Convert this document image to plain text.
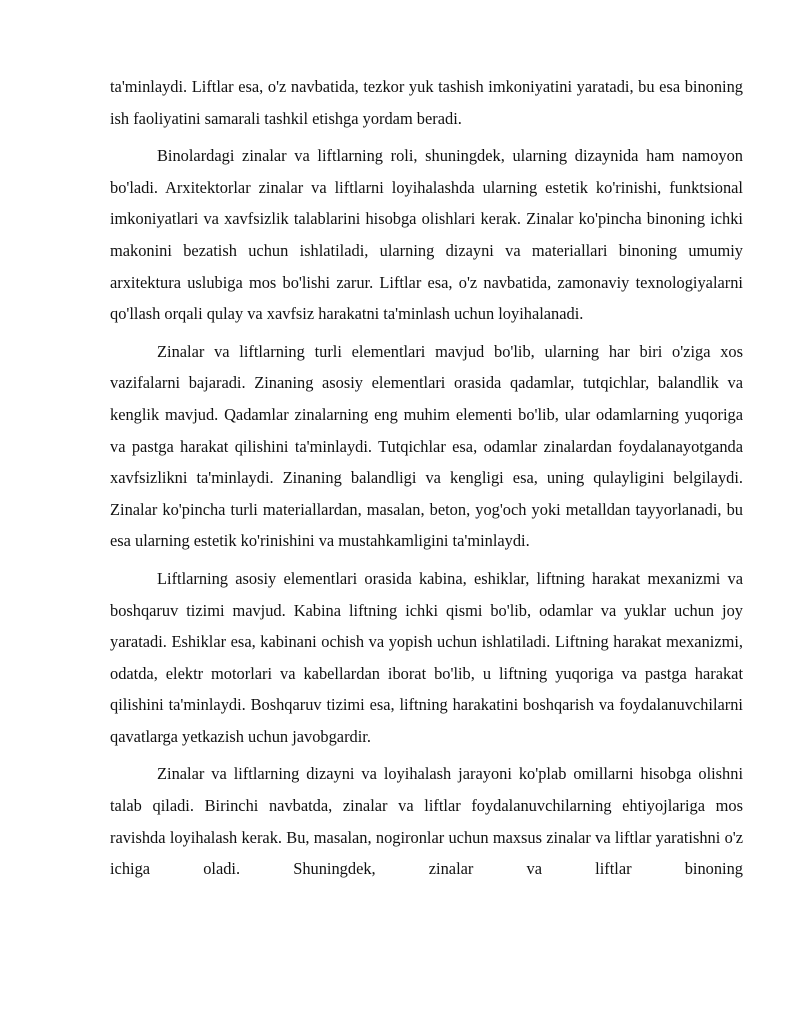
ta'minlaydi. Liftlar esa, o'z navbatida, tezkor yuk tashish imkoniyatini yaratadi, bu esa binoning ish faoliyatini samarali tashkil etishga yordam beradi.

Binolardagi zinalar va liftlarning roli, shuningdek, ularning dizaynida ham namoyon bo'ladi. Arxitektorlar zinalar va liftlarni loyihalashda ularning estetik ko'rinishi, funktsional imkoniyatlari va xavfsizlik talablarini hisobga olishlari kerak. Zinalar ko'pincha binoning ichki makonini bezatish uchun ishlatiladi, ularning dizayni va materiallari binoning umumiy arxitektura uslubiga mos bo'lishi zarur. Liftlar esa, o'z navbatida, zamonaviy texnologiyalarni qo'llash orqali qulay va xavfsiz harakatni ta'minlash uchun loyihalanadi.

Zinalar va liftlarning turli elementlari mavjud bo'lib, ularning har biri o'ziga xos vazifalarni bajaradi. Zinaning asosiy elementlari orasida qadamlar, tutqichlar, balandlik va kenglik mavjud. Qadamlar zinalarning eng muhim elementi bo'lib, ular odamlarning yuqoriga va pastga harakat qilishini ta'minlaydi. Tutqichlar esa, odamlar zinalardan foydalanayotganda xavfsizlikni ta'minlaydi. Zinaning balandligi va kengligi esa, uning qulayligini belgilaydi. Zinalar ko'pincha turli materiallardan, masalan, beton, yog'och yoki metalldan tayyorlanadi, bu esa ularning estetik ko'rinishini va mustahkamligini ta'minlaydi.

Liftlarning asosiy elementlari orasida kabina, eshiklar, liftning harakat mexanizmi va boshqaruv tizimi mavjud. Kabina liftning ichki qismi bo'lib, odamlar va yuklar uchun joy yaratadi. Eshiklar esa, kabinani ochish va yopish uchun ishlatiladi. Liftning harakat mexanizmi, odatda, elektr motorlari va kabellardan iborat bo'lib, u liftning yuqoriga va pastga harakat qilishini ta'minlaydi. Boshqaruv tizimi esa, liftning harakatini boshqarish va foydalanuvchilarni qavatlarga yetkazish uchun javobgardir.

Zinalar va liftlarning dizayni va loyihalash jarayoni ko'plab omillarni hisobga olishni talab qiladi. Birinchi navbatda, zinalar va liftlar foydalanuvchilarning ehtiyojlariga mos ravishda loyihalash kerak. Bu, masalan, nogironlar uchun maxsus zinalar va liftlar yaratishni o'z ichiga oladi. Shuningdek, zinalar va liftlar binoning
